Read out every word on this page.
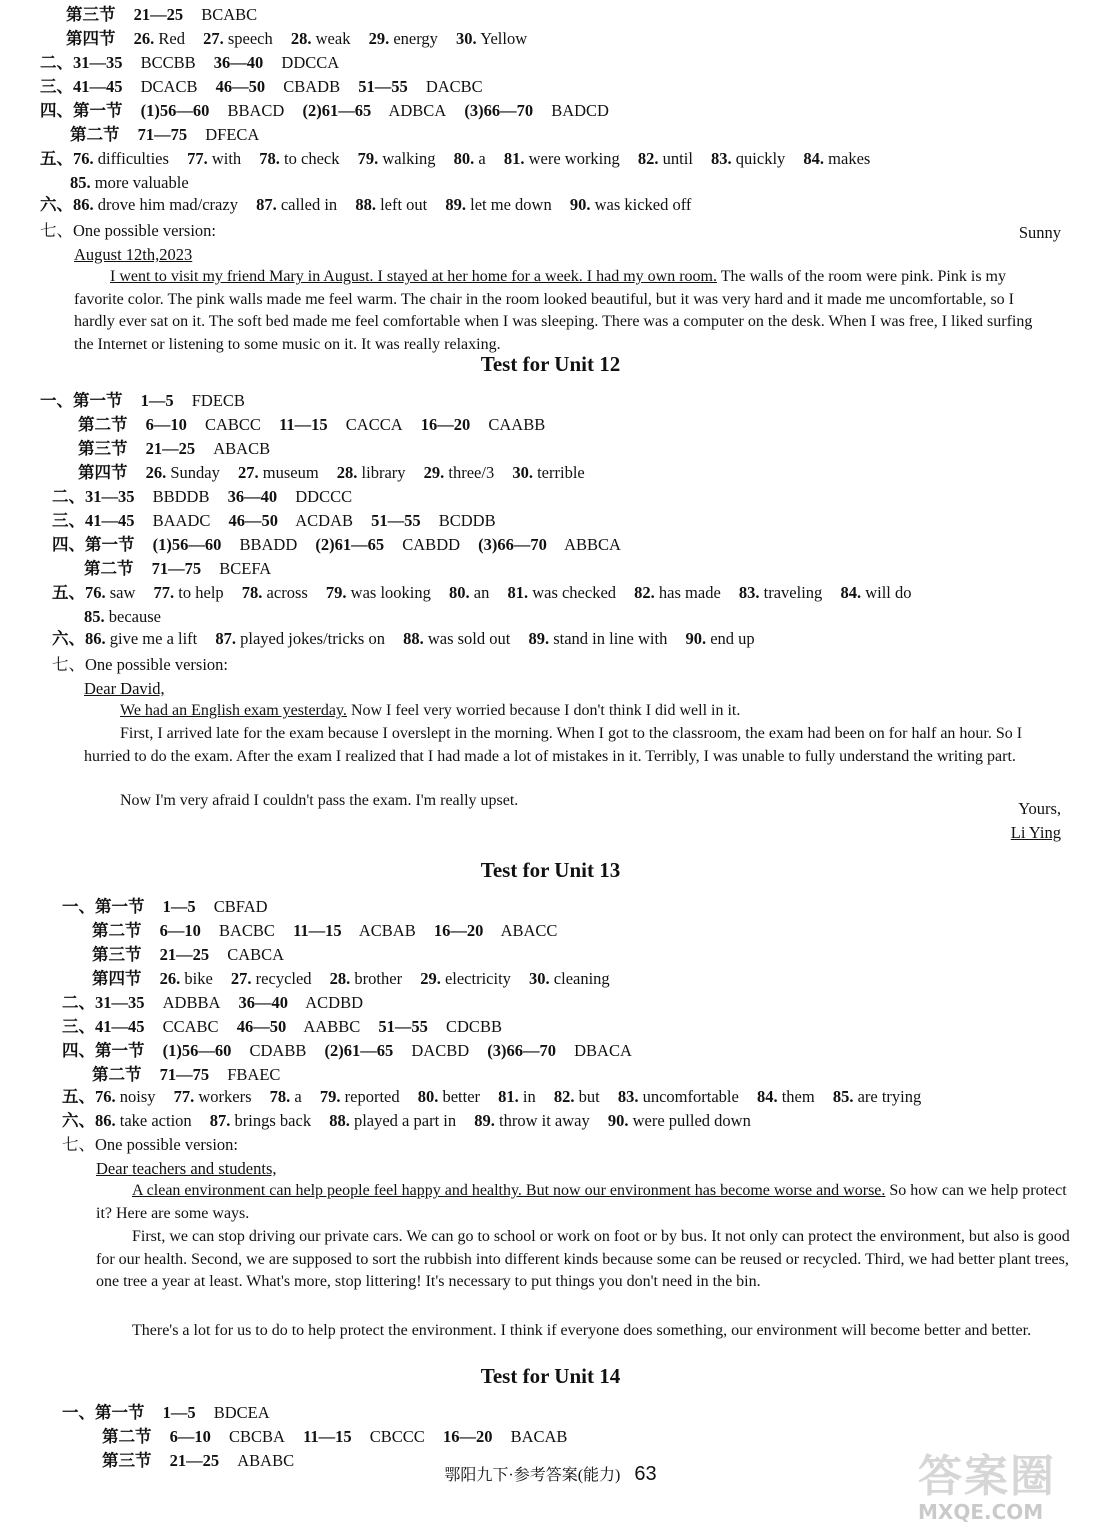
第三节 21—25 BCABC
第四节 26. Red 27. speech 28. weak 29. energy 30. Yellow
二、31—35 BCCBB 36—40 DDCCA
三、41—45 DCACB 46—50 CBADB 51—55 DACBC
四、第一节 (1)56—60 BBACD (2)61—65 ADBCA (3)66—70 BADCD
第二节 71—75 DFECA
五、76. difficulties 77. with 78. to check 79. walking 80. a 81. were working 82. until 83. quickly 84. makes
85. more valuable
六、86. drove him mad/crazy 87. called in 88. left out 89. let me down 90. was kicked off
七、One possible version:	Sunny
August 12th,2023
I went to visit my friend Mary in August. I stayed at her home for a week. I had my own room. The walls of the room were pink. Pink is my favorite color. The pink walls made me feel warm. The chair in the room looked beautiful, but it was very hard and it made me uncomfortable, so I hardly ever sat on it. The soft bed made me feel comfortable when I was sleeping. There was a computer on the desk. When I was free, I liked surfing the Internet or listening to some music on it. It was really relaxing.
Test for Unit 12
一、第一节 1—5 FDECB
第二节 6—10 CABCC 11—15 CACCA 16—20 CAABB
第三节 21—25 ABACB
第四节 26. Sunday 27. museum 28. library 29. three/3 30. terrible
二、31—35 BBDDB 36—40 DDCCC
三、41—45 BAADC 46—50 ACDAB 51—55 BCDDB
四、第一节 (1)56—60 BBADD (2)61—65 CABDD (3)66—70 ABBCA
第二节 71—75 BCEFA
五、76. saw 77. to help 78. across 79. was looking 80. an 81. was checked 82. has made 83. traveling 84. will do
85. because
六、86. give me a lift 87. played jokes/tricks on 88. was sold out 89. stand in line with 90. end up
七、One possible version:
Dear David,
We had an English exam yesterday. Now I feel very worried because I don't think I did well in it.
First, I arrived late for the exam because I overslept in the morning. When I got to the classroom, the exam had been on for half an hour. So I hurried to do the exam. After the exam I realized that I had made a lot of mistakes in it. Terribly, I was unable to fully understand the writing part.
Now I'm very afraid I couldn't pass the exam. I'm really upset.	Yours,
Li Ying
Test for Unit 13
一、第一节 1—5 CBFAD
第二节 6—10 BACBC 11—15 ACBAB 16—20 ABACC
第三节 21—25 CABCA
第四节 26. bike 27. recycled 28. brother 29. electricity 30. cleaning
二、31—35 ADBBA 36—40 ACDBD
三、41—45 CCABC 46—50 AABBC 51—55 CDCBB
四、第一节 (1)56—60 CDABB (2)61—65 DACBD (3)66—70 DBACA
第二节 71—75 FBAEC
五、76. noisy 77. workers 78. a 79. reported 80. better 81. in 82. but 83. uncomfortable 84. them 85. are trying
六、86. take action 87. brings back 88. played a part in 89. throw it away 90. were pulled down
七、One possible version:
Dear teachers and students,
A clean environment can help people feel happy and healthy. But now our environment has become worse and worse. So how can we help protect it? Here are some ways.
First, we can stop driving our private cars. We can go to school or work on foot or by bus. It not only can protect the environment, but also is good for our health. Second, we are supposed to sort the rubbish into different kinds because some can be reused or recycled. Third, we had better plant trees, one tree a year at least. What's more, stop littering! It's necessary to put things you don't need in the bin.
There's a lot for us to do to help protect the environment. I think if everyone does something, our environment will become better and better.
Test for Unit 14
一、第一节 1—5 BDCEA
第二节 6—10 CBCBA 11—15 CBCCC 16—20 BACAB
第三节 21—25 ABABC
鄂阳九下·参考答案(能力) 63	答案圈
MXQE.COM
